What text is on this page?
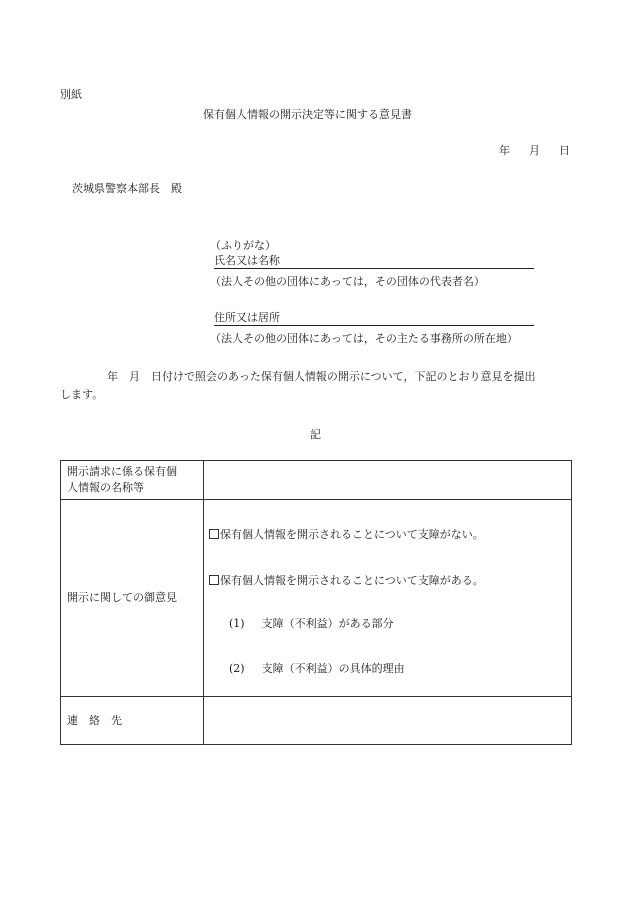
別紙
保有個人情報の開示決定等に関する意見書
年 月 日
茨城県警察本部長　殿
（ふりがな）
氏名又は名称
（法人その他の団体にあっては，その団体の代表者名）
住所又は居所
（法人その他の団体にあっては，その主たる事務所の所在地）
年　月　日付けで照会のあった保有個人情報の開示について，下記のとおり意見を提出
します。
記
開示請求に係る保有個
人情報の名称等	

開示に関しての御意見	保有個人情報を開示されることについて支障がない。
保有個人情報を開示されることについて支障がある。
(1) 支障（不利益）がある部分
(2) 支障（不利益）の具体的理由

連　絡　先	
